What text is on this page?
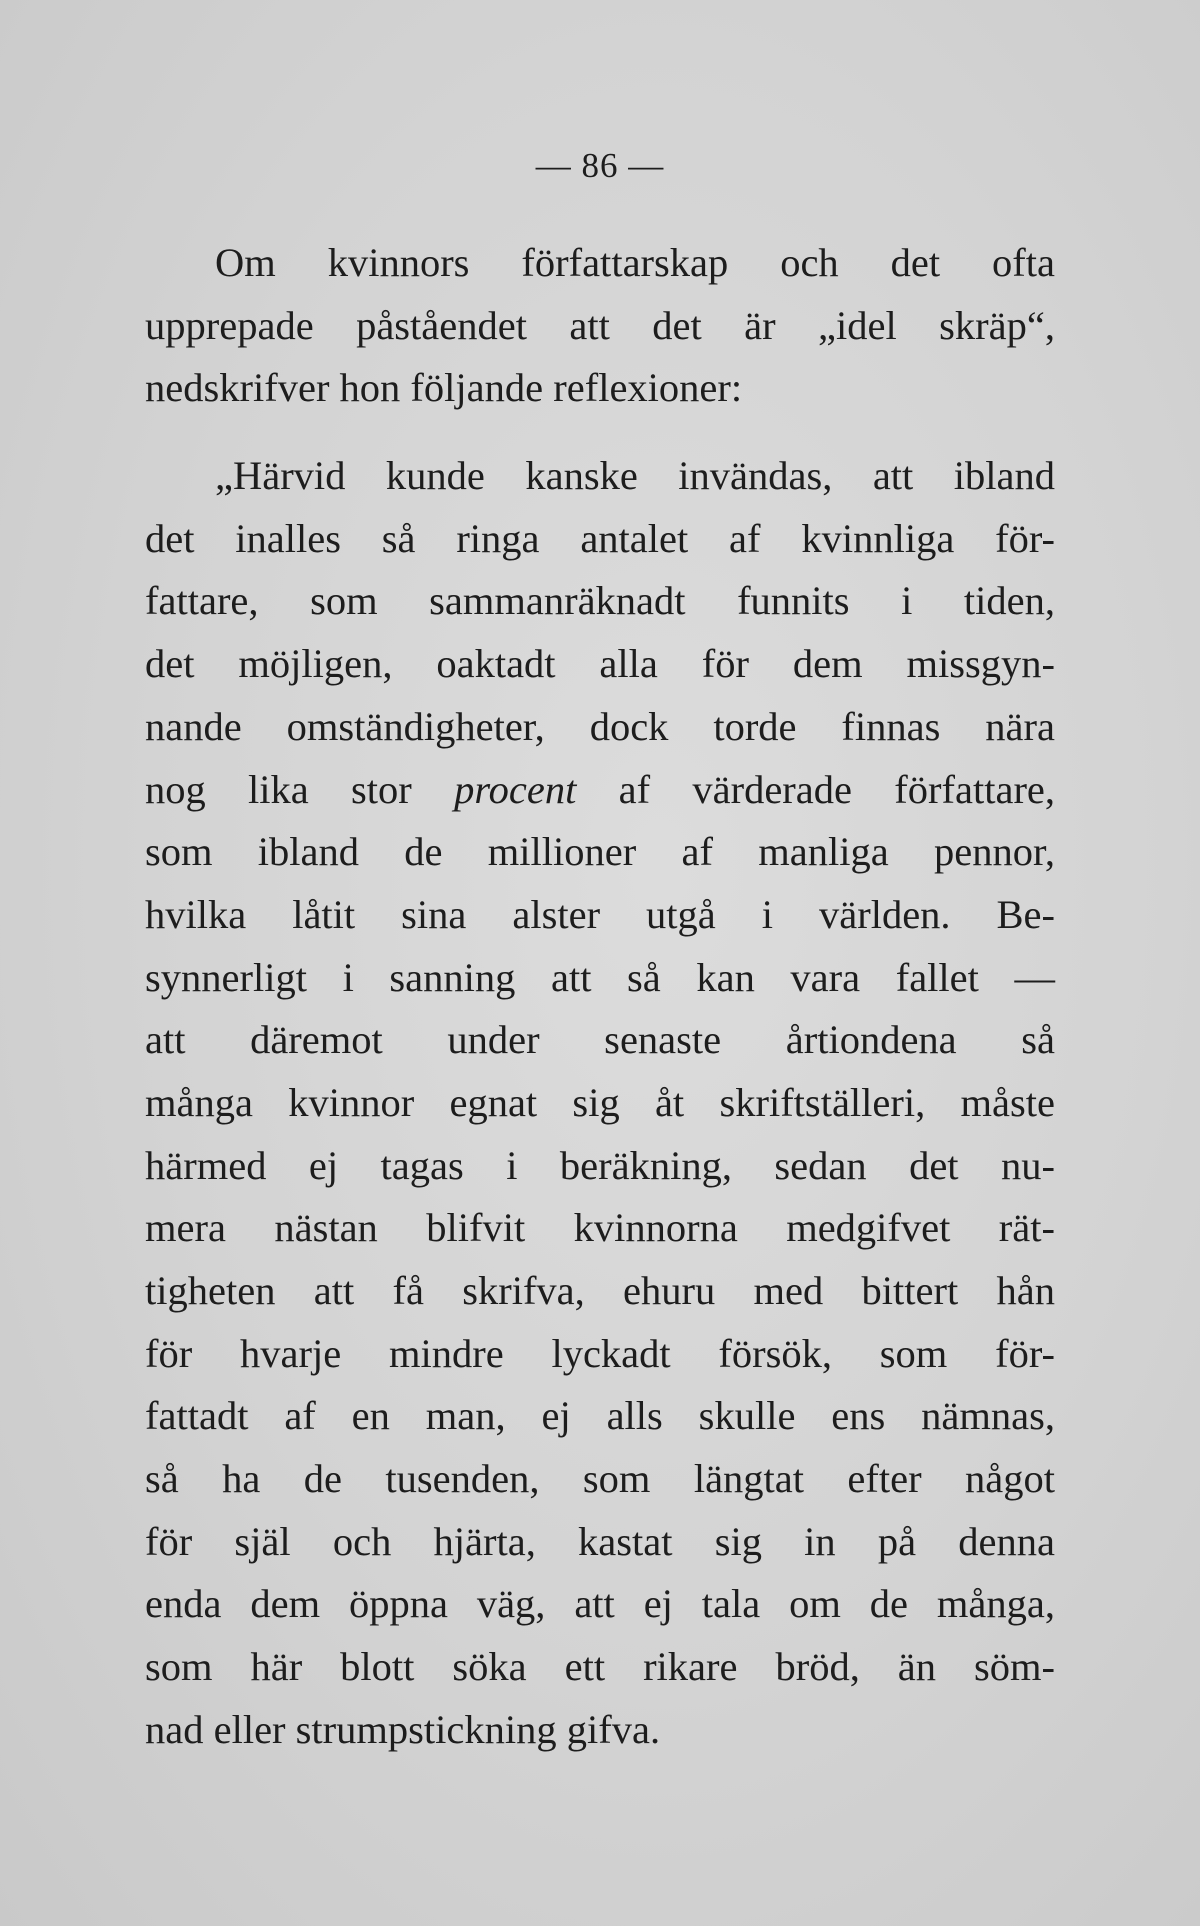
— 86 —
Om kvinnors författarskap och det ofta
upprepade påståendet att det är „idel skräp“,
nedskrifver hon följande reflexioner:
„Härvid kunde kanske invändas, att ibland
det inalles så ringa antalet af kvinnliga för-
fattare, som sammanräknadt funnits i tiden,
det möjligen, oaktadt alla för dem missgyn-
nande omständigheter, dock torde finnas nära
nog lika stor procent af värderade författare,
som ibland de millioner af manliga pennor,
hvilka låtit sina alster utgå i världen. Be-
synnerligt i sanning att så kan vara fallet —
att däremot under senaste årtiondena så
många kvinnor egnat sig åt skriftställeri, måste
härmed ej tagas i beräkning, sedan det nu-
mera nästan blifvit kvinnorna medgifvet rät-
tigheten att få skrifva, ehuru med bittert hån
för hvarje mindre lyckadt försök, som för-
fattadt af en man, ej alls skulle ens nämnas,
så ha de tusenden, som längtat efter något
för själ och hjärta, kastat sig in på denna
enda dem öppna väg, att ej tala om de många,
som här blott söka ett rikare bröd, än söm-
nad eller strumpstickning gifva.
